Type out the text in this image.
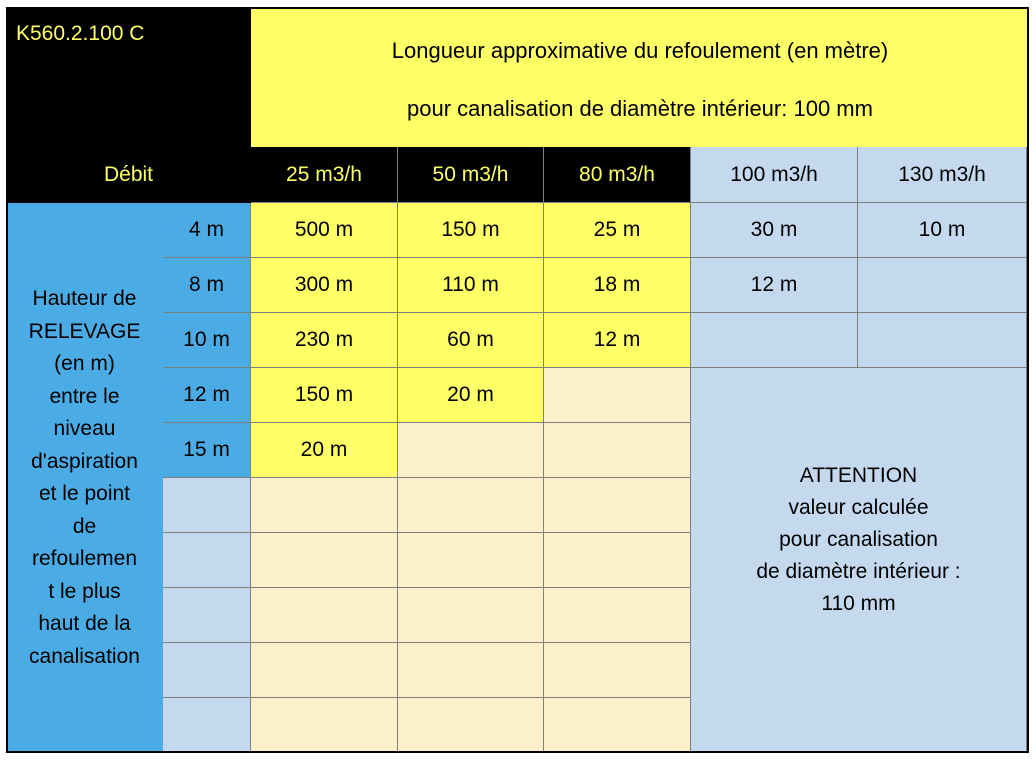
K560.2.100 C
Longueur approximative du refoulement (en mètre)
pour canalisation de diamètre intérieur: 100 mm
Débit	25 m3/h	50 m3/h	80 m3/h	100 m3/h	130 m3/h
Hauteur de
RELEVAGE
(en m)
entre le
niveau
d'aspiration
et le point
de
refoulemen
t le plus
haut de la
canalisation
4 m	500 m	150 m	25 m	30 m	10 m
8 m	300 m	110 m	18 m	12 m
10 m	230 m	60 m	12 m
12 m	150 m	20 m
15 m	20 m
ATTENTION
valeur calculée
pour canalisation
de diamètre intérieur :
110 mm
